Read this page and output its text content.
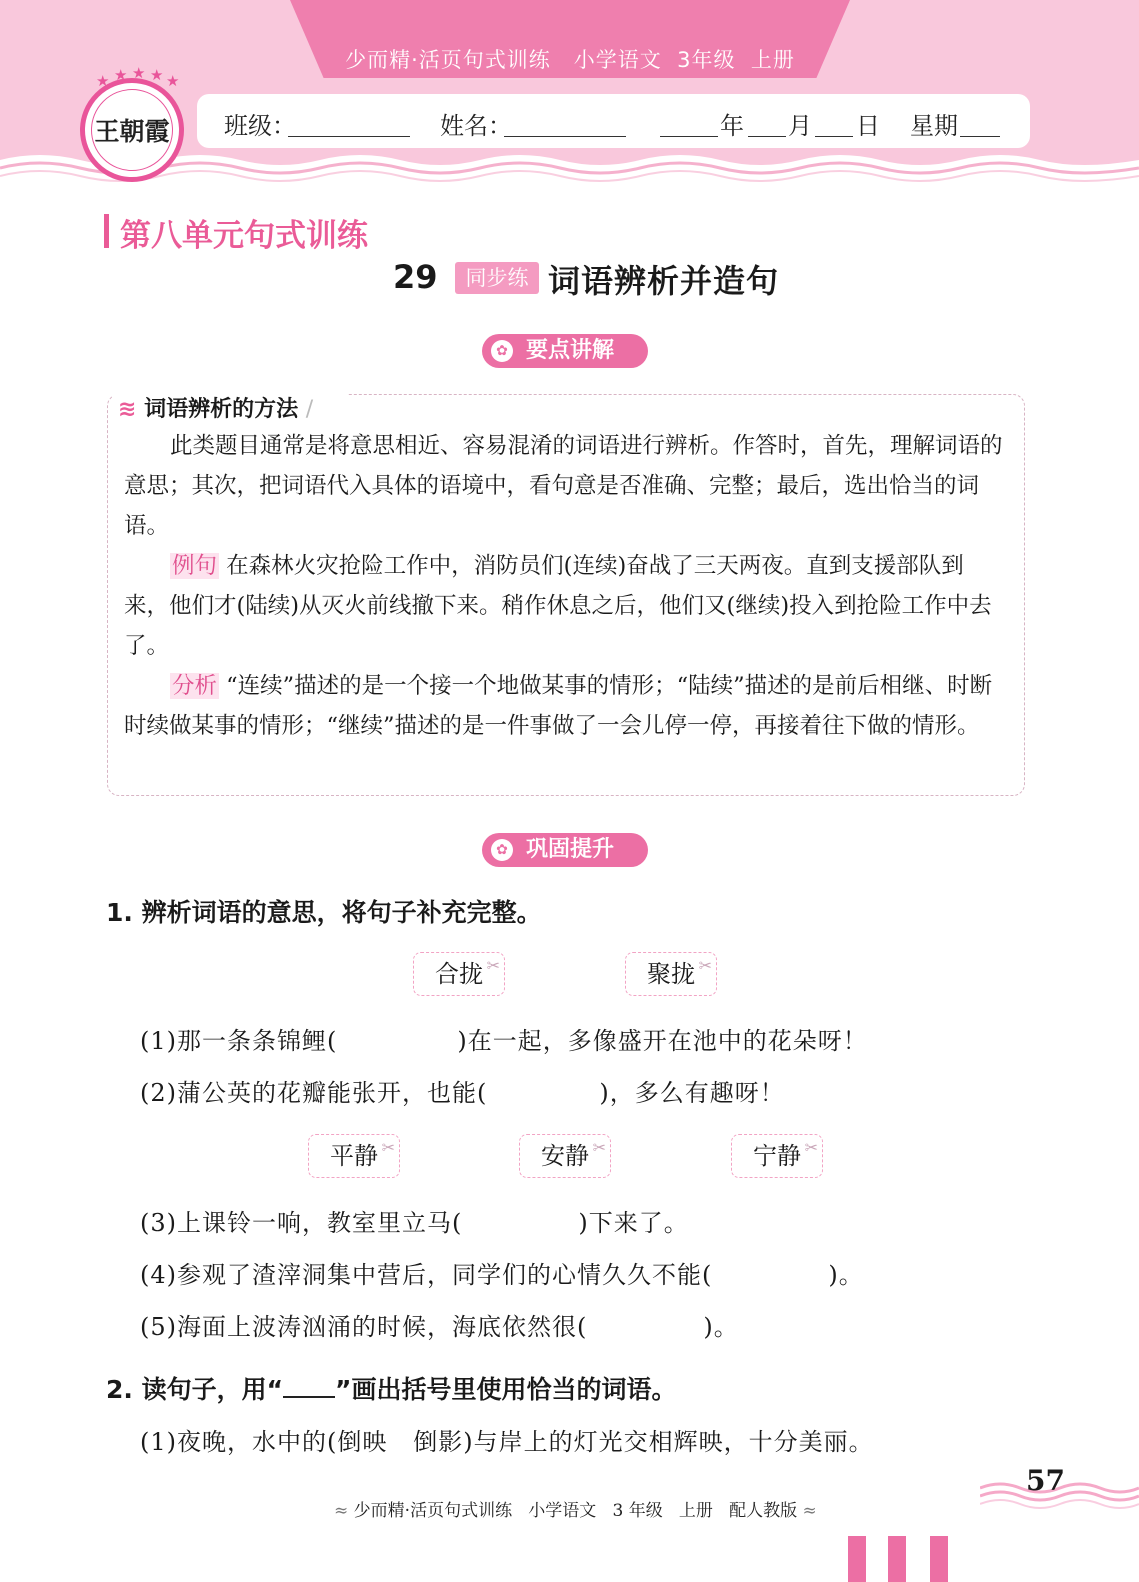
少而精·活页句式训练   小学语文  3年级  上册
班级：	姓名：	年 月 日 星期
★ ★ ★ ★ ★
王朝霞
第八单元句式训练
29	同步练 词语辨析并造句
✿ 要点讲解
≋ 词语辨析的方法 /
此类题目通常是将意思相近、容易混淆的词语进行辨析。作答时，首先，理解词语的意思；其次，把词语代入具体的语境中，看句意是否准确、完整；最后，选出恰当的词语。
例句 在森林火灾抢险工作中，消防员们(连续)奋战了三天两夜。直到支援部队到来，他们才(陆续)从灭火前线撤下来。稍作休息之后，他们又(继续)投入到抢险工作中去了。
分析 “连续”描述的是一个接一个地做某事的情形；“陆续”描述的是前后相继、时断时续做某事的情形；“继续”描述的是一件事做了一会儿停一停，再接着往下做的情形。
✿ 巩固提升
1. 辨析词语的意思，将句子补充完整。
✂
合拢	✂
聚拢
(1)那一条条锦鲤(	)在一起，多像盛开在池中的花朵呀！
(2)蒲公英的花瓣能张开，也能(	)，多么有趣呀！
✂
平静	✂
安静	✂
宁静
(3)上课铃一响，教室里立马(	)下来了。
(4)参观了渣滓洞集中营后，同学们的心情久久不能(	)。
(5)海面上波涛汹涌的时候，海底依然很(	)。
2. 读句子，用“ ”画出括号里使用恰当的词语。
(1)夜晚，水中的(倒映   倒影)与岸上的灯光交相辉映，十分美丽。

≈ 少而精·活页句式训练   小学语文   3 年级   上册   配人教版 ≈

57
